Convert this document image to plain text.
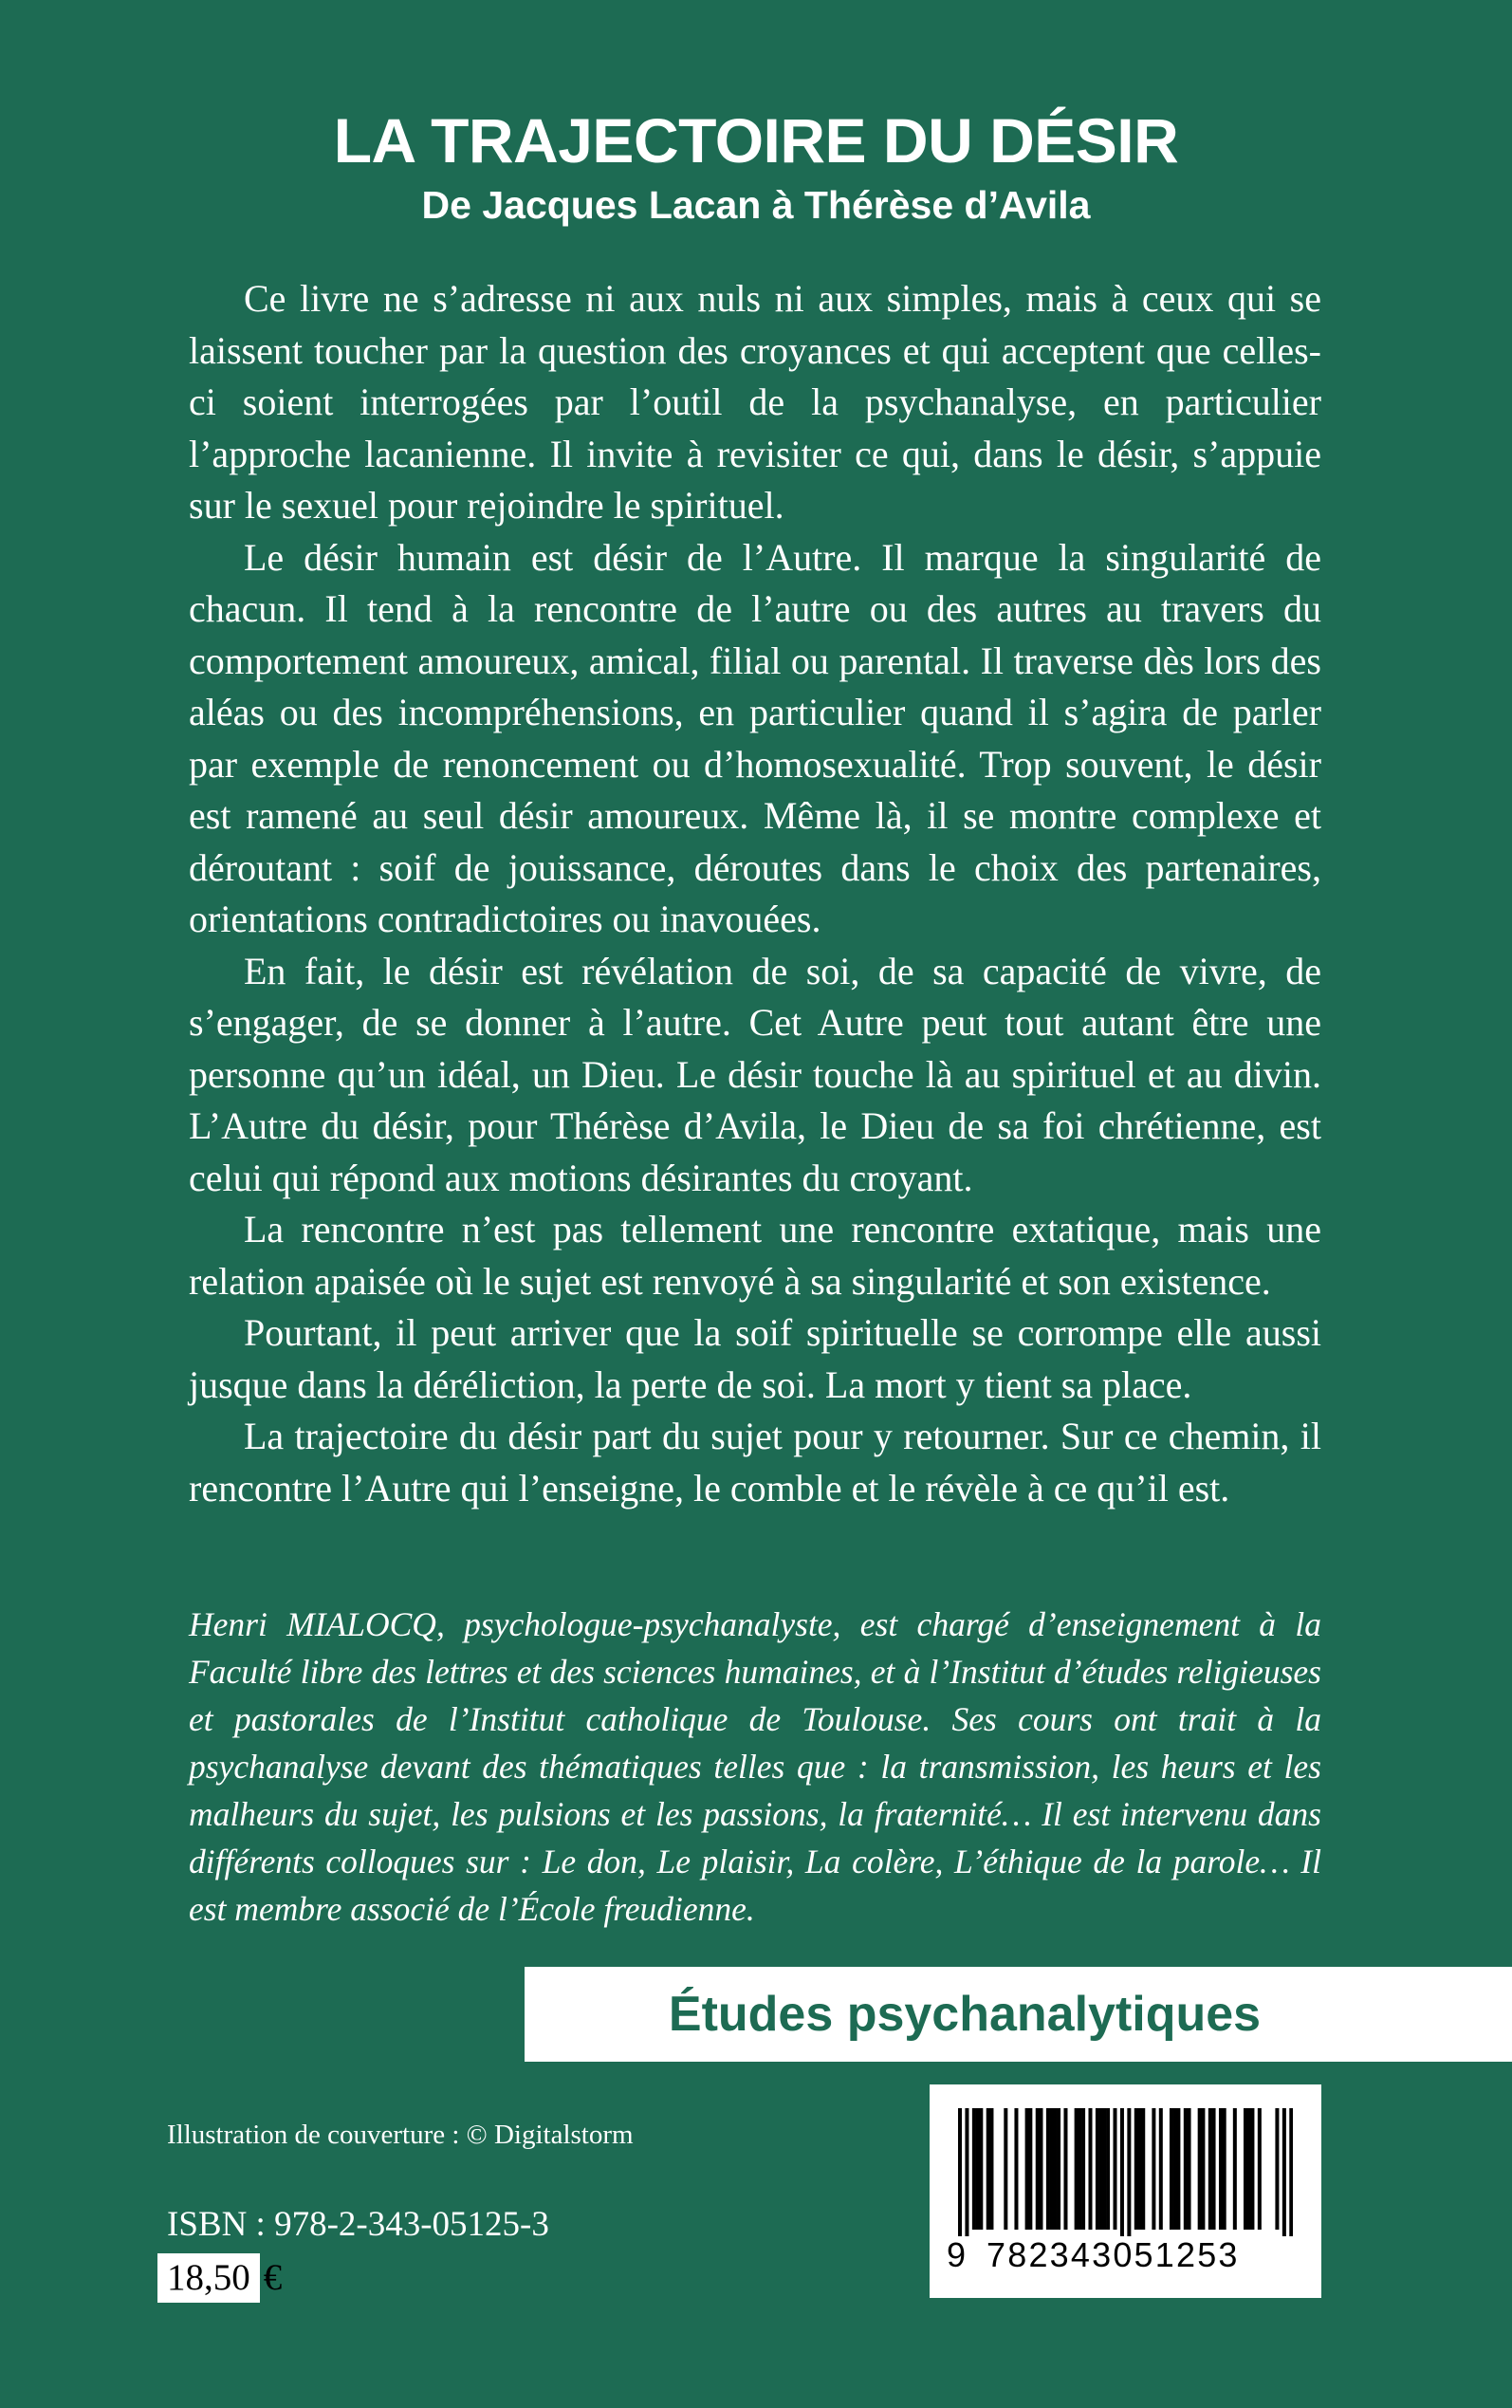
LA TRAJECTOIRE DU DÉSIR
De Jacques Lacan à Thérèse d’Avila

Ce livre ne s’adresse ni aux nuls ni aux simples, mais à ceux qui se laissent toucher par la question des croyances et qui acceptent que celles-ci soient interrogées par l’outil de la psychanalyse, en particulier l’approche lacanienne. Il invite à revisiter ce qui, dans le désir, s’appuie sur le sexuel pour rejoindre le spirituel.

Le désir humain est désir de l’Autre. Il marque la singularité de chacun. Il tend à la rencontre de l’autre ou des autres au travers du comportement amoureux, amical, filial ou parental. Il traverse dès lors des aléas ou des incompréhensions, en particulier quand il s’agira de parler par exemple de renoncement ou d’homosexualité. Trop souvent, le désir est ramené au seul désir amoureux. Même là, il se montre complexe et déroutant : soif de jouissance, déroutes dans le choix des partenaires, orientations contradictoires ou inavouées.

En fait, le désir est révélation de soi, de sa capacité de vivre, de s’engager, de se donner à l’autre. Cet Autre peut tout autant être une personne qu’un idéal, un Dieu. Le désir touche là au spirituel et au divin. L’Autre du désir, pour Thérèse d’Avila, le Dieu de sa foi chrétienne, est celui qui répond aux motions désirantes du croyant.

La rencontre n’est pas tellement une rencontre extatique, mais une relation apaisée où le sujet est renvoyé à sa singularité et son existence.

Pourtant, il peut arriver que la soif spirituelle se corrompe elle aussi jusque dans la déréliction, la perte de soi. La mort y tient sa place.

La trajectoire du désir part du sujet pour y retourner. Sur ce chemin, il rencontre l’Autre qui l’enseigne, le comble et le révèle à ce qu’il est.

Henri MIALOCQ, psychologue-psychanalyste, est chargé d’enseignement à la Faculté libre des lettres et des sciences humaines, et à l’Institut d’études religieuses et pastorales de l’Institut catholique de Toulouse. Ses cours ont trait à la psychanalyse devant des thématiques telles que : la transmission, les heurs et les malheurs du sujet, les pulsions et les passions, la fraternité… Il est intervenu dans différents colloques sur : Le don, Le plaisir, La colère, L’éthique de la parole… Il est membre associé de l’École freudienne.

Études psychanalytiques
Illustration de couverture : © Digitalstorm
ISBN : 978-2-343-05125-3
18,50 €
9 782343051253
